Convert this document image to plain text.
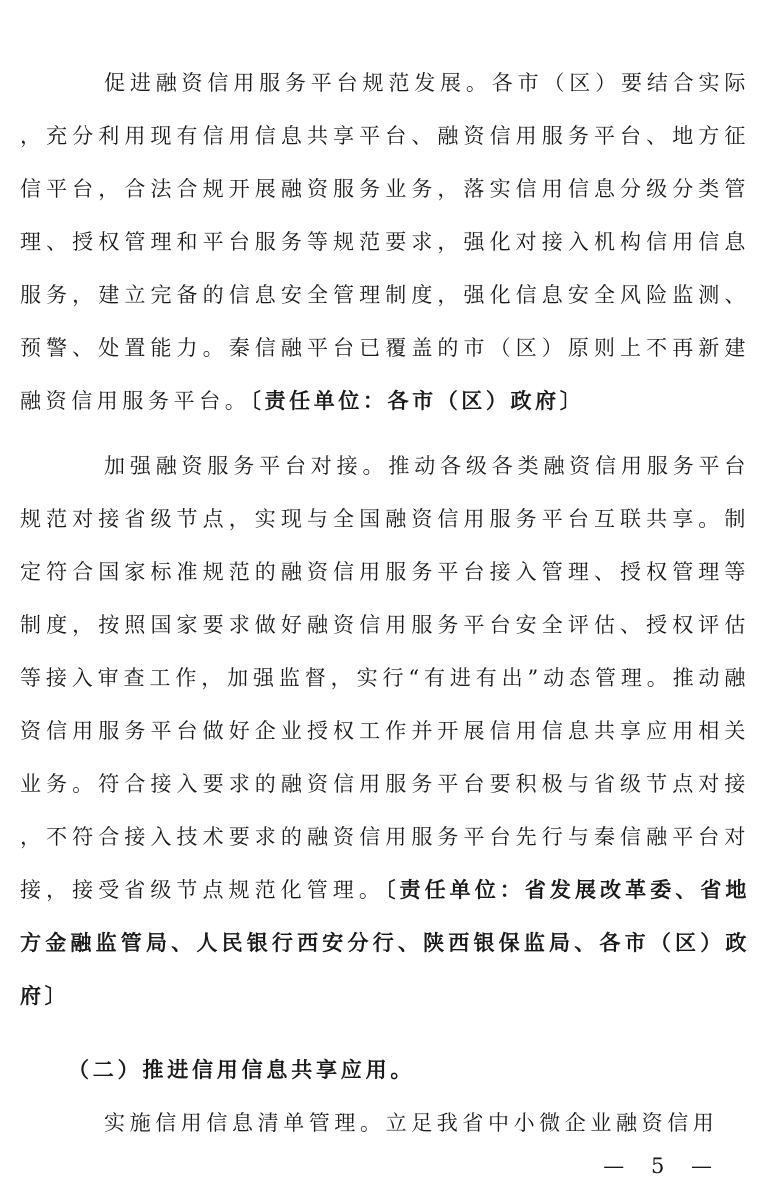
促进融资信用服务平台规范发展。各市（区）要结合实际，充分利用现有信用信息共享平台、融资信用服务平台、地方征信平台，合法合规开展融资服务业务，落实信用信息分级分类管理、授权管理和平台服务等规范要求，强化对接入机构信用信息服务，建立完备的信息安全管理制度，强化信息安全风险监测、预警、处置能力。秦信融平台已覆盖的市（区）原则上不再新建融资信用服务平台。〔责任单位：各市（区）政府〕

加强融资服务平台对接。推动各级各类融资信用服务平台规范对接省级节点，实现与全国融资信用服务平台互联共享。制定符合国家标准规范的融资信用服务平台接入管理、授权管理等制度，按照国家要求做好融资信用服务平台安全评估、授权评估等接入审查工作，加强监督，实行“有进有出”动态管理。推动融资信用服务平台做好企业授权工作并开展信用信息共享应用相关业务。符合接入要求的融资信用服务平台要积极与省级节点对接，不符合接入技术要求的融资信用服务平台先行与秦信融平台对接，接受省级节点规范化管理。〔责任单位：省发展改革委、省地方金融监管局、人民银行西安分行、陕西银保监局、各市（区）政府〕

（二）推进信用信息共享应用。

实施信用信息清单管理。立足我省中小微企业融资信用

— 5 —
